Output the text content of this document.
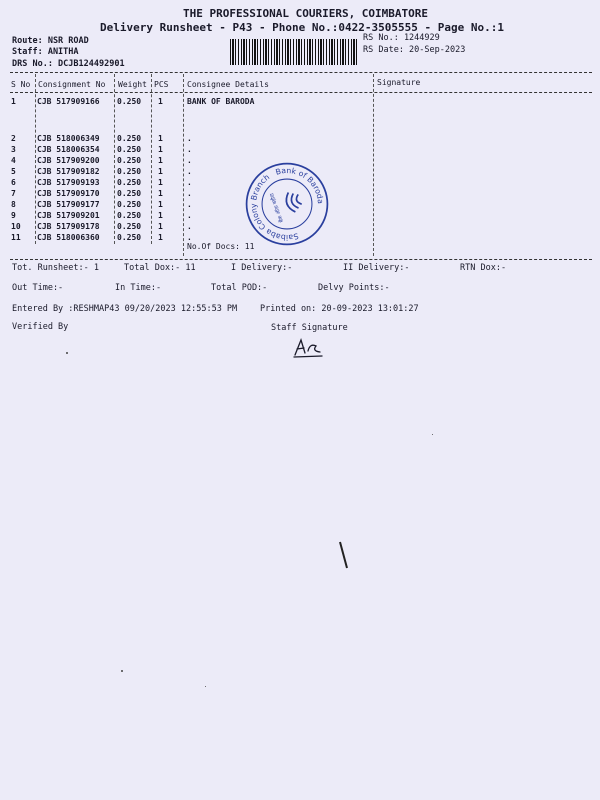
THE PROFESSIONAL COURIERS, COIMBATORE
Delivery Runsheet - P43 - Phone No.:0422-3505555 - Page No.:1
Route: NSR ROAD
Staff: ANITHA
DRS No.: DCJB124492901
RS No.: 1244929
RS Date: 20-Sep-2023
S No Consignment No Weight PCS Consignee Details	Signature
1	CJB 517909166 0.250 1	BANK OF BARODA
2	CJB 518006349 0.250 1	.
3	CJB 518006354 0.250 1	.
4	CJB 517909200 0.250 1	.
5	CJB 517909182 0.250 1	.
6	CJB 517909193 0.250 1	.
7	CJB 517909170 0.250 1	.
8	CJB 517909177 0.250 1	.
9	CJB 517909201 0.250 1	.
10 CJB 517909178 0.250 1	.
11 CJB 518006360 0.250 1	.
No.Of Docs: 11
Saibaba Colony Branch
Bank of Baroda
बैंक ऑफ़ बड़ौदा
Tot. Runsheet:- 1	Total Dox:- 11	I Delivery:-	II Delivery:-	RTN Dox:-
Out Time:-	In Time:-	Total POD:-	Delvy Points:-
Entered By :RESHMAP43 09/20/2023 12:55:53 PM	Printed on: 20-09-2023 13:01:27
Verified By	Staff Signature
